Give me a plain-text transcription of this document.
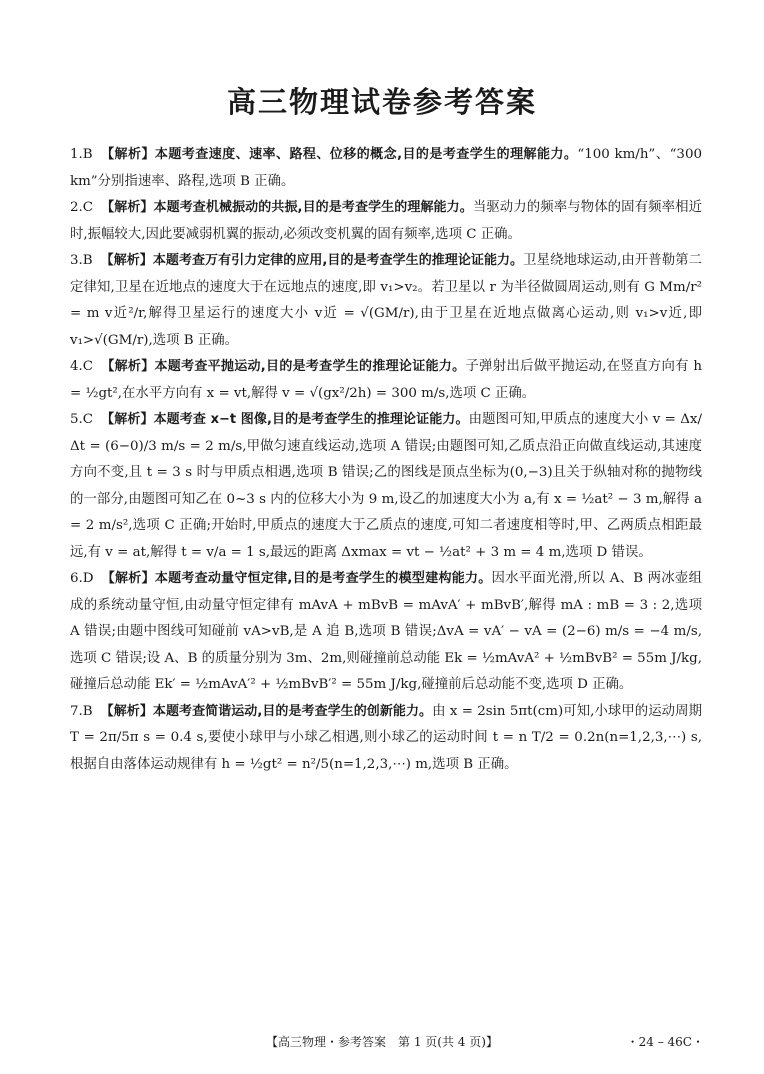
高三物理试卷参考答案

1.B 【解析】本题考查速度、速率、路程、位移的概念,目的是考查学生的理解能力。“100 km/h”、“300 km”分别指速率、路程,选项 B 正确。

2.C 【解析】本题考查机械振动的共振,目的是考查学生的理解能力。当驱动力的频率与物体的固有频率相近时,振幅较大,因此要减弱机翼的振动,必须改变机翼的固有频率,选项 C 正确。

3.B 【解析】本题考查万有引力定律的应用,目的是考查学生的推理论证能力。卫星绕地球运动,由开普勒第二定律知,卫星在近地点的速度大于在远地点的速度,即 v₁>v₂。若卫星以 r 为半径做圆周运动,则有 G Mm/r² = m v近²/r,解得卫星运行的速度大小 v近 = √(GM/r),由于卫星在近地点做离心运动,则 v₁>v近,即 v₁>√(GM/r),选项 B 正确。

4.C 【解析】本题考查平抛运动,目的是考查学生的推理论证能力。子弹射出后做平抛运动,在竖直方向有 h = ½gt²,在水平方向有 x = vt,解得 v = √(gx²/2h) = 300 m/s,选项 C 正确。

5.C 【解析】本题考查 x−t 图像,目的是考查学生的推理论证能力。由题图可知,甲质点的速度大小 v = Δx/Δt = (6−0)/3 m/s = 2 m/s,甲做匀速直线运动,选项 A 错误;由题图可知,乙质点沿正向做直线运动,其速度方向不变,且 t = 3 s 时与甲质点相遇,选项 B 错误;乙的图线是顶点坐标为(0,−3)且关于纵轴对称的抛物线的一部分,由题图可知乙在 0~3 s 内的位移大小为 9 m,设乙的加速度大小为 a,有 x = ½at² − 3 m,解得 a = 2 m/s²,选项 C 正确;开始时,甲质点的速度大于乙质点的速度,可知二者速度相等时,甲、乙两质点相距最远,有 v = at,解得 t = v/a = 1 s,最远的距离 Δxmax = vt − ½at² + 3 m = 4 m,选项 D 错误。

6.D 【解析】本题考查动量守恒定律,目的是考查学生的模型建构能力。因水平面光滑,所以 A、B 两冰壶组成的系统动量守恒,由动量守恒定律有 mAvA + mBvB = mAvA′ + mBvB′,解得 mA : mB = 3 : 2,选项 A 错误;由题中图线可知碰前 vA>vB,是 A 追 B,选项 B 错误;ΔvA = vA′ − vA = (2−6) m/s = −4 m/s,选项 C 错误;设 A、B 的质量分别为 3m、2m,则碰撞前总动能 Ek = ½mAvA² + ½mBvB² = 55m J/kg,碰撞后总动能 Ek′ = ½mAvA′² + ½mBvB′² = 55m J/kg,碰撞前后总动能不变,选项 D 正确。

7.B 【解析】本题考查简谐运动,目的是考查学生的创新能力。由 x = 2sin 5πt(cm)可知,小球甲的运动周期 T = 2π/5π s = 0.4 s,要使小球甲与小球乙相遇,则小球乙的运动时间 t = n T/2 = 0.2n(n=1,2,3,⋯) s,根据自由落体运动规律有 h = ½gt² = n²/5(n=1,2,3,⋯) m,选项 B 正确。

【高三物理・参考答案　第 1 页(共 4 页)】	・24 – 46C・
